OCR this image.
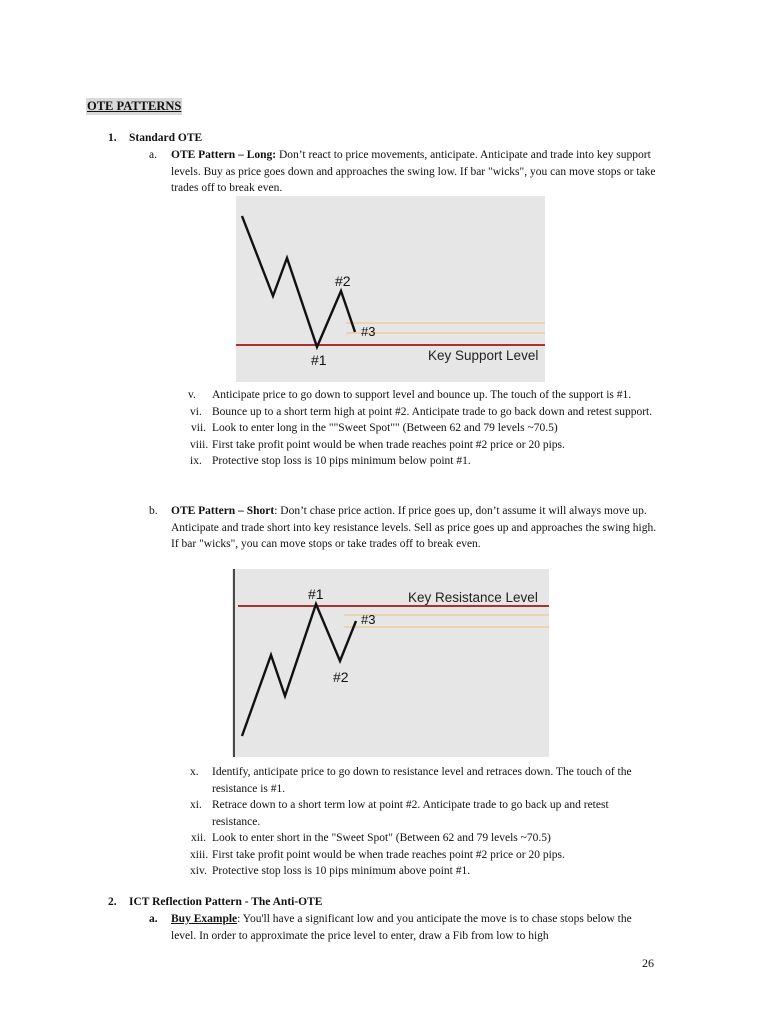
OTE PATTERNS
1. Standard OTE
a. OTE Pattern – Long: Don’t react to price movements, anticipate. Anticipate and trade into key support levels. Buy as price goes down and approaches the swing low. If bar "wicks", you can move stops or take trades off to break even.
#2
#3
#1	Key Support Level
v. Anticipate price to go down to support level and bounce up. The touch of the support is #1.
vi. Bounce up to a short term high at point #2. Anticipate trade to go back down and retest support.
vii. Look to enter long in the ""Sweet Spot"" (Between 62 and 79 levels ~70.5)
viii. First take profit point would be when trade reaches point #2 price or 20 pips.
ix. Protective stop loss is 10 pips minimum below point #1.
b. OTE Pattern – Short: Don’t chase price action. If price goes up, don’t assume it will always move up. Anticipate and trade short into key resistance levels. Sell as price goes up and approaches the swing high. If bar "wicks", you can move stops or take trades off to break even.
#1
#3
#2
Key Resistance Level
x. Identify, anticipate price to go down to resistance level and retraces down. The touch of the resistance is #1.
xi. Retrace down to a short term low at point #2. Anticipate trade to go back up and retest resistance.
xii. Look to enter short in the "Sweet Spot" (Between 62 and 79 levels ~70.5)
xiii. First take profit point would be when trade reaches point #2 price or 20 pips.
xiv. Protective stop loss is 10 pips minimum above point #1.
2. ICT Reflection Pattern - The Anti-OTE
a. Buy Example: You'll have a significant low and you anticipate the move is to chase stops below the level. In order to approximate the price level to enter, draw a Fib from low to high
26
